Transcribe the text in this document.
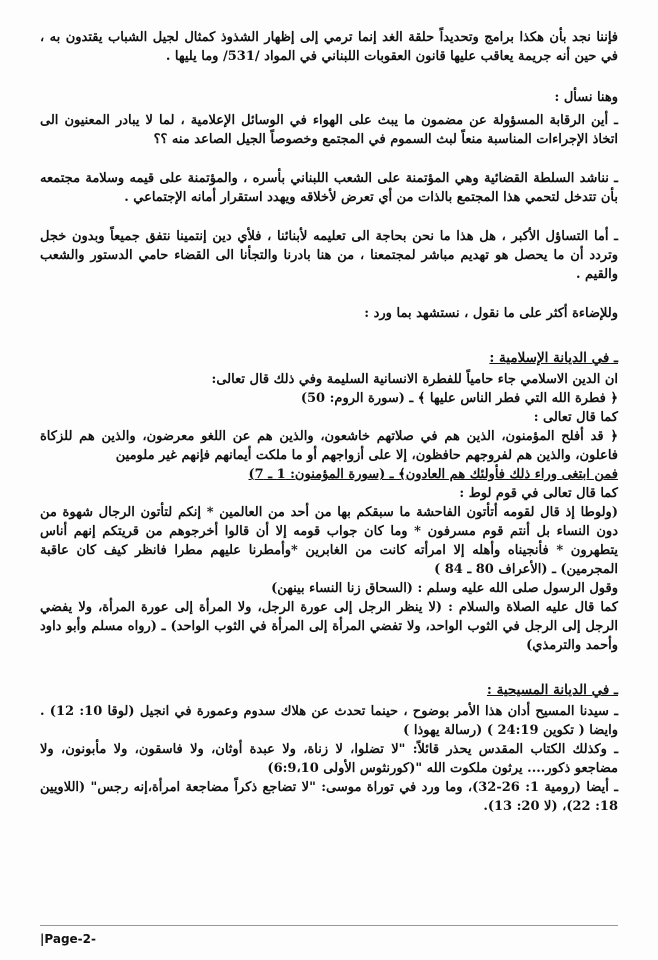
فإننا نجد بأن هكذا برامج وتحديداً حلقة الغد إنما ترمي إلى إظهار الشذوذ كمثال لجيل الشباب يقتدون به ، في حين أنه جريمة يعاقب عليها قانون العقوبات اللبناني في المواد /531/ وما يليها .

وهنا نسأل :

ـ أين الرقابة المسؤولة عن مضمون ما يبث على الهواء في الوسائل الإعلامية ، لما لا يبادر المعنيون الى اتخاذ الإجراءات المناسبة منعاً لبث السموم في المجتمع وخصوصاً الجيل الصاعد منه ؟؟

ـ نناشد السلطة القضائية وهي المؤتمنة على الشعب اللبناني بأسره ، والمؤتمنة على قيمه وسلامة مجتمعه بأن تتدخل لتحمي هذا المجتمع بالذات من أي تعرض لأخلاقه ويهدد استقرار أمانه الإجتماعي .

ـ أما التساؤل الأكبر ، هل هذا ما نحن بحاجة الى تعليمه لأبنائنا ، فلأي دين إنتمينا نتفق جميعاً وبدون خجل وتردد أن ما يحصل هو تهديم مباشر لمجتمعنا ، من هنا بادرنا والتجأنا الى القضاء حامي الدستور والشعب والقيم .

وللإضاءة أكثر على ما نقول ، نستشهد بما ورد :

ـ في الديانة الإسلامية :

ان الدين الاسلامي جاء حامياً للفطرة الانسانية السليمة وفي ذلك قال تعالى:

﴿ فطرة الله التي فطر الناس عليها ﴾ ـ (سورة الروم: 50)

كما قال تعالى :

﴿ قد أفلح المؤمنون، الذين هم في صلاتهم خاشعون، والذين هم عن اللغو معرضون، والذين هم للزكاة فاعلون، والذين هم لفروجهم حافظون، إلا على أزواجهم أو ما ملكت أيمانهم فإنهم غير ملومين

فمن ابتغى وراء ذلك فأولئك هم العادون﴾ ـ (سورة المؤمنون: 1 ـ 7)

كما قال تعالى في قوم لوط :

(ولوطا إذ قال لقومه أتأتون الفاحشة ما سبقكم بها من أحد من العالمين * إنكم لتأتون الرجال شهوة من دون النساء بل أنتم قوم مسرفون * وما كان جواب قومه إلا أن قالوا أخرجوهم من قريتكم إنهم أناس يتطهرون * فأنجيناه وأهله إلا امرأته كانت من الغابرين *وأمطرنا عليهم مطرا فانظر كيف كان عاقبة المجرمين) ـ (الأعراف 80 ـ 84 )

وقول الرسول صلى الله عليه وسلم : (السحاق زنا النساء بينهن)

كما قال عليه الصلاة والسلام : (لا ينظر الرجل إلى عورة الرجل، ولا المرأة إلى عورة المرأة، ولا يفضي الرجل إلى الرجل في الثوب الواحد، ولا تفضي المرأة إلى المرأة في الثوب الواحد) ـ (رواه مسلم وأبو داود وأحمد والترمذي)

ـ في الديانة المسيحية :

ـ سيدنا المسيح أدان هذا الأمر بوضوح ، حينما تحدث عن هلاك سدوم وعمورة في انجيل (لوقا 10: 12) . وايضا ( تكوين 24:19 ) (رسالة يهوذا )

ـ وكذلك الكتاب المقدس يحذر قائلاً: "لا تضلوا، لا زناة، ولا عبدة أوثان، ولا فاسقون، ولا مأبونون، ولا مضاجعو ذكور.... يرثون ملكوت الله "(كورنثوس الأولى 6:9،10)

ـ أيضا (رومية 1: 26-32)، وما ورد في توراة موسى: "لا تضاجع ذكراً مضاجعة امرأة،إنه رجس" (اللاويين 18: 22)، (لا 20: 13).

|Page-2-
